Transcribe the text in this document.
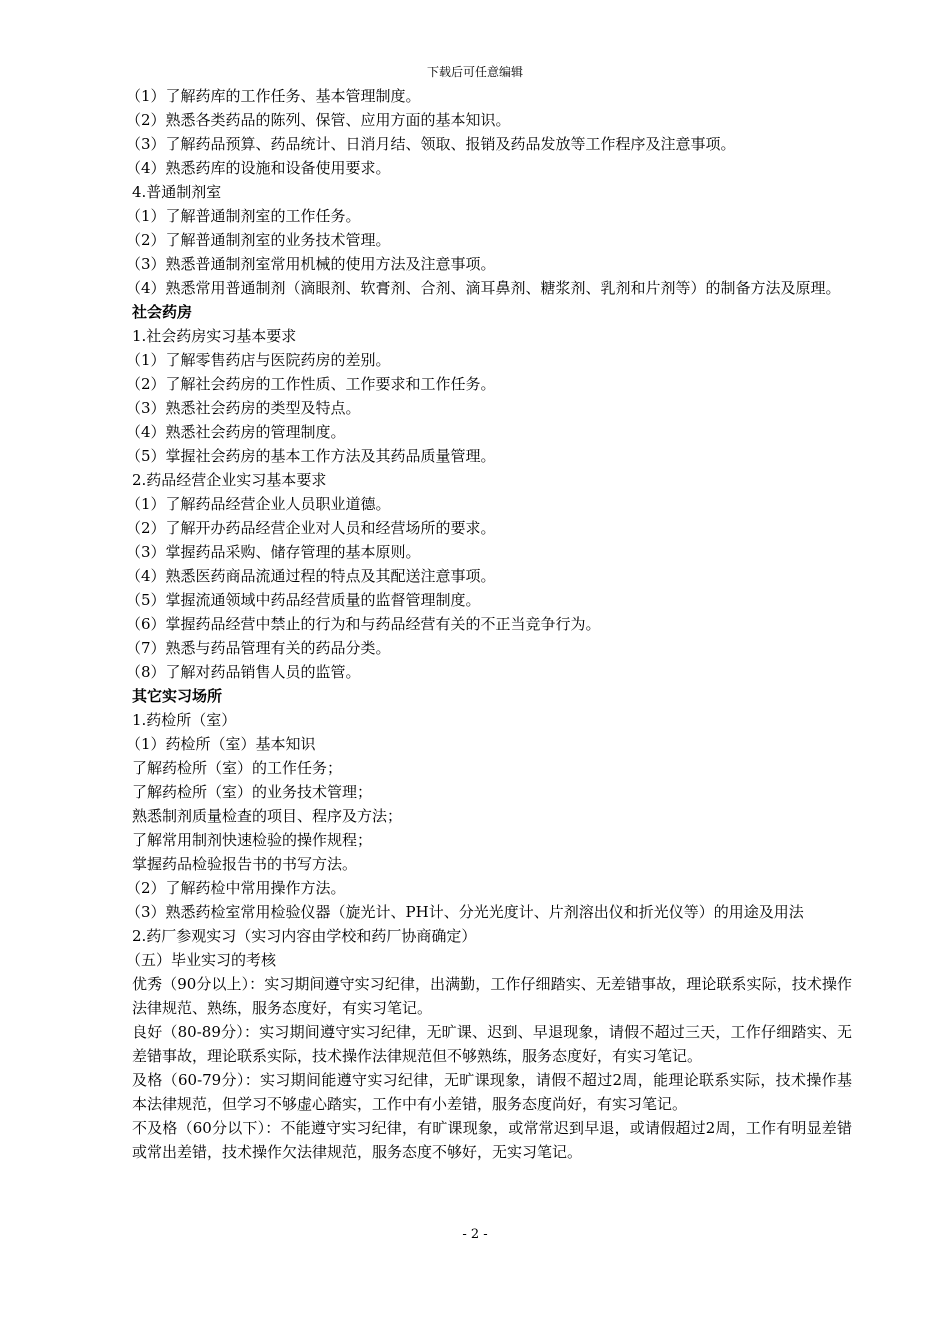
下载后可任意编辑
（1）了解药库的工作任务、基本管理制度。
（2）熟悉各类药品的陈列、保管、应用方面的基本知识。
（3）了解药品预算、药品统计、日消月结、领取、报销及药品发放等工作程序及注意事项。
（4）熟悉药库的设施和设备使用要求。
4.普通制剂室
（1）了解普通制剂室的工作任务。
（2）了解普通制剂室的业务技术管理。
（3）熟悉普通制剂室常用机械的使用方法及注意事项。
（4）熟悉常用普通制剂（滴眼剂、软膏剂、合剂、滴耳鼻剂、糖浆剂、乳剂和片剂等）的制备方法及原理。
社会药房
1.社会药房实习基本要求
（1）了解零售药店与医院药房的差别。
（2）了解社会药房的工作性质、工作要求和工作任务。
（3）熟悉社会药房的类型及特点。
（4）熟悉社会药房的管理制度。
（5）掌握社会药房的基本工作方法及其药品质量管理。
2.药品经营企业实习基本要求
（1）了解药品经营企业人员职业道德。
（2）了解开办药品经营企业对人员和经营场所的要求。
（3）掌握药品采购、储存管理的基本原则。
（4）熟悉医药商品流通过程的特点及其配送注意事项。
（5）掌握流通领域中药品经营质量的监督管理制度。
（6）掌握药品经营中禁止的行为和与药品经营有关的不正当竞争行为。
（7）熟悉与药品管理有关的药品分类。
（8）了解对药品销售人员的监管。
其它实习场所
1.药检所（室）
（1）药检所（室）基本知识
了解药检所（室）的工作任务；
了解药检所（室）的业务技术管理；
熟悉制剂质量检查的项目、程序及方法；
了解常用制剂快速检验的操作规程；
掌握药品检验报告书的书写方法。
（2）了解药检中常用操作方法。
（3）熟悉药检室常用检验仪器（旋光计、PH计、分光光度计、片剂溶出仪和折光仪等）的用途及用法
2.药厂参观实习（实习内容由学校和药厂协商确定）
（五）毕业实习的考核
优秀（90分以上）：实习期间遵守实习纪律，出满勤，工作仔细踏实、无差错事故，理论联系实际，技术操作法律规范、熟练，服务态度好，有实习笔记。
良好（80-89分）：实习期间遵守实习纪律，无旷课、迟到、早退现象，请假不超过三天，工作仔细踏实、无差错事故，理论联系实际，技术操作法律规范但不够熟练，服务态度好，有实习笔记。
及格（60-79分）：实习期间能遵守实习纪律，无旷课现象，请假不超过2周，能理论联系实际，技术操作基本法律规范，但学习不够虚心踏实，工作中有小差错，服务态度尚好，有实习笔记。
不及格（60分以下）：不能遵守实习纪律，有旷课现象，或常常迟到早退，或请假超过2周，工作有明显差错或常出差错，技术操作欠法律规范，服务态度不够好，无实习笔记。
- 2 -
